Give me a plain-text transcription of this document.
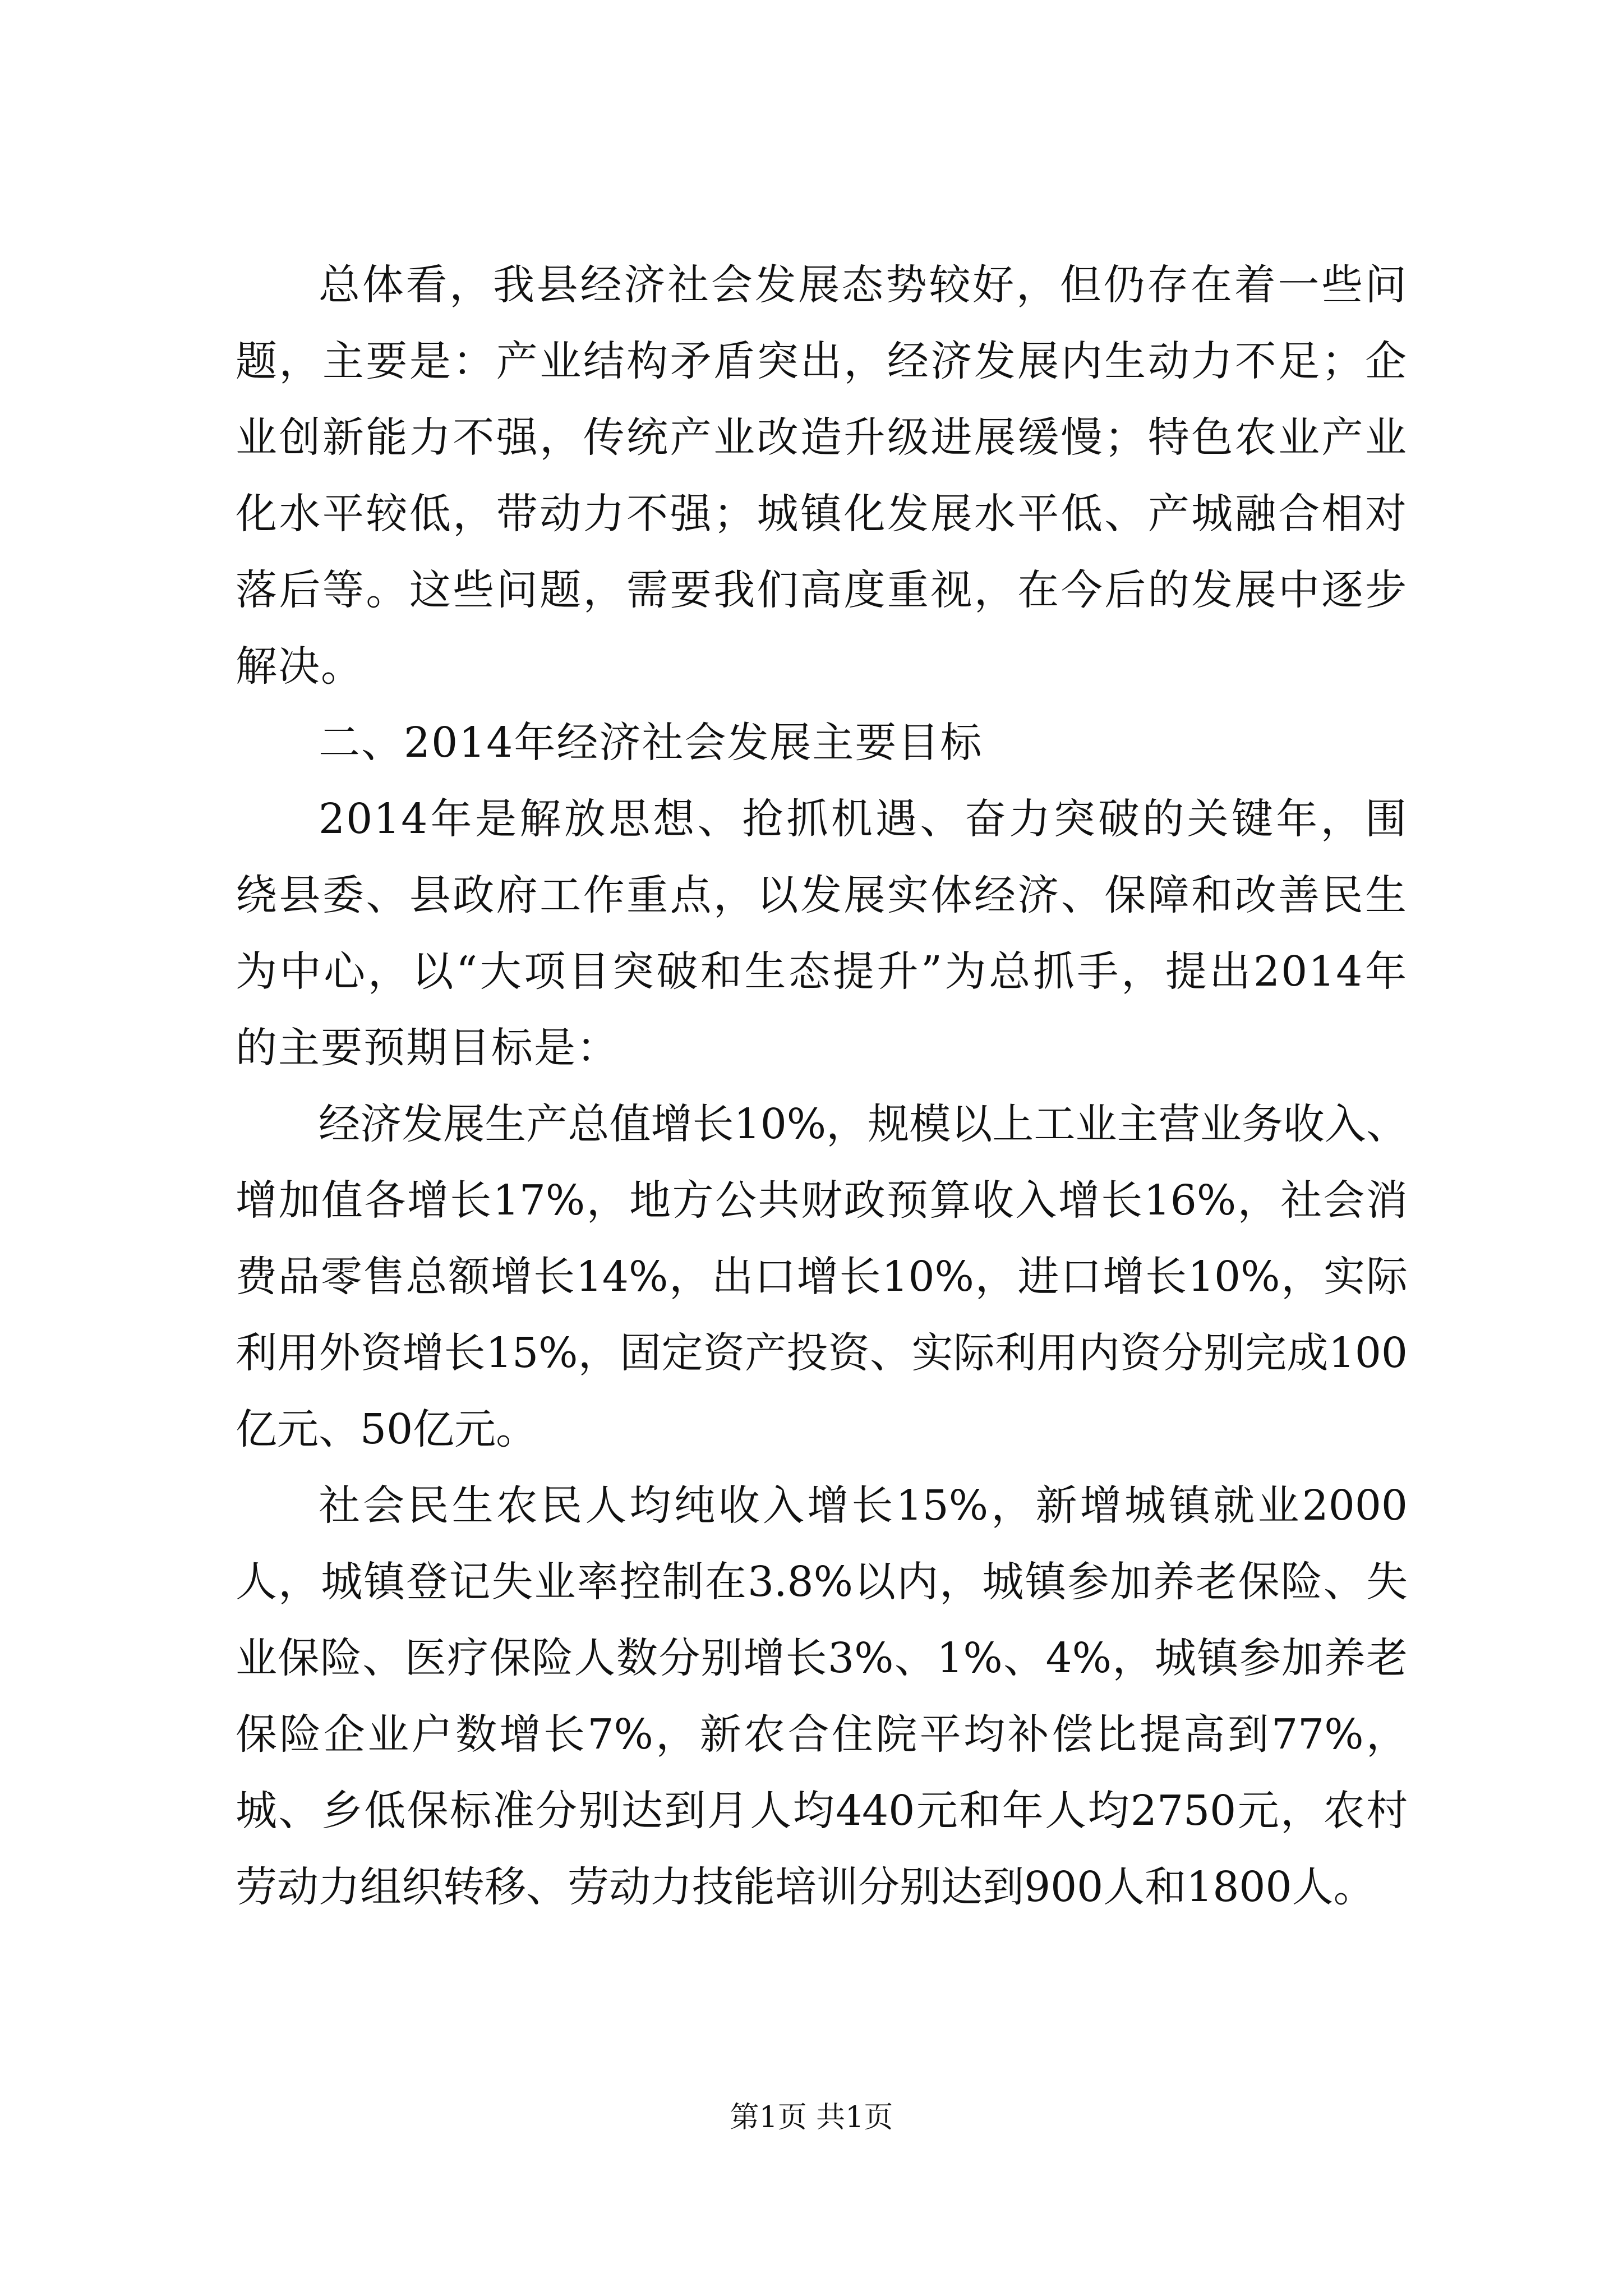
总体看，我县经济社会发展态势较好，但仍存在着一些问题，主要是：产业结构矛盾突出，经济发展内生动力不足；企业创新能力不强，传统产业改造升级进展缓慢；特色农业产业化水平较低，带动力不强；城镇化发展水平低、产城融合相对落后等。这些问题，需要我们高度重视，在今后的发展中逐步解决。

二、2014年经济社会发展主要目标

2014年是解放思想、抢抓机遇、奋力突破的关键年，围绕县委、县政府工作重点，以发展实体经济、保障和改善民生为中心，以“大项目突破和生态提升”为总抓手，提出2014年的主要预期目标是：

经济发展生产总值增长10%，规模以上工业主营业务收入、增加值各增长17%，地方公共财政预算收入增长16%，社会消费品零售总额增长14%，出口增长10%，进口增长10%，实际利用外资增长15%，固定资产投资、实际利用内资分别完成100亿元、50亿元。

社会民生农民人均纯收入增长15%，新增城镇就业2000人，城镇登记失业率控制在3.8%以内，城镇参加养老保险、失业保险、医疗保险人数分别增长3%、1%、4%，城镇参加养老保险企业户数增长7%，新农合住院平均补偿比提高到77%，城、乡低保标准分别达到月人均440元和年人均2750元，农村劳动力组织转移、劳动力技能培训分别达到900人和1800人。

第1页 共1页
